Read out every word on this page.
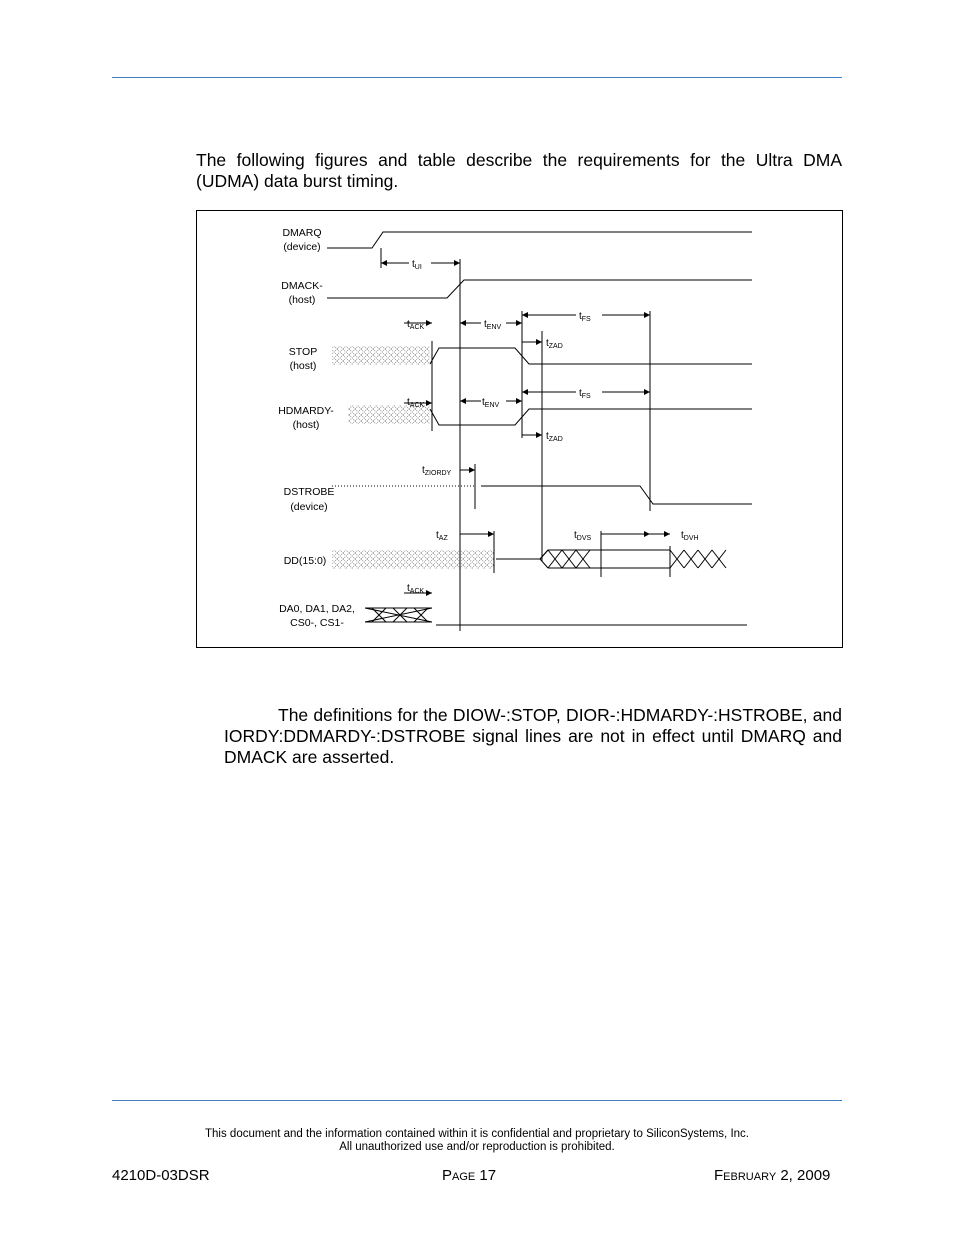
The following figures and table describe the requirements for the Ultra DMA (UDMA) data burst timing.

DMARQ
(device)
DMACK-
(host)
STOP
(host)
HDMARDY-
(host)
DSTROBE
(device)
DD(15:0)
DA0, DA1, DA2,
CS0-, CS1-
$t_{UI}$
$t_{ACK}$	$t_{ENV}$
$t_{FS}$
$t_{ZAD}$
$t_{ACK}$	$t_{ENV}$
$t_{FS}$
$t_{ZAD}$
$t_{ZIORDY}$
$t_{AZ}$	$t_{DVS}$	$t_{DVH}$
$t_{ACK}$

The definitions for the DIOW-:STOP, DIOR-:HDMARDY-:HSTROBE, and IORDY:DDMARDY-:DSTROBE signal lines are not in effect until DMARQ and DMACK are asserted.

This document and the information contained within it is confidential and proprietary to SiliconSystems, Inc.
All unauthorized use and/or reproduction is prohibited.
4210D-03DSR	PAGE 17	FEBRUARY 2, 2009
